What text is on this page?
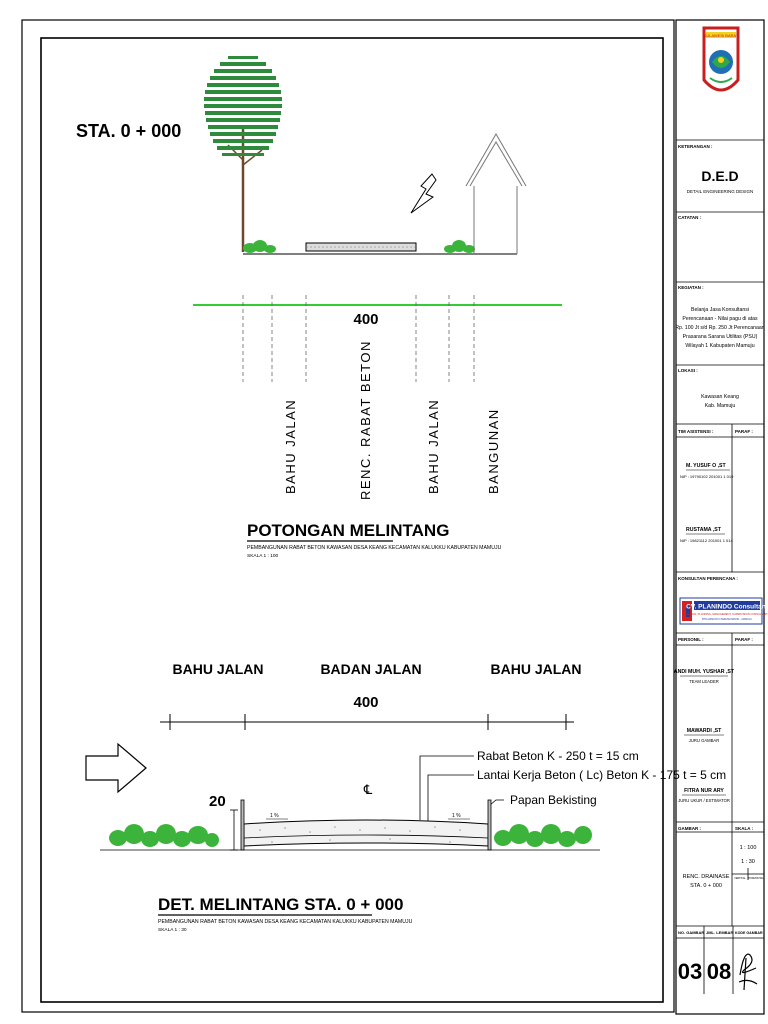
STA. 0 + 000
400
BAHU JALAN	RENC. RABAT BETON	BAHU JALAN	BANGUNAN
POTONGAN MELINTANG
PEMBANGUNAN RABAT BETON KAWASAN DESA KEANG KECAMATAN KALUKKU KABUPATEN MAMUJU
SKALA 1 : 100
BAHU JALAN	BADAN JALAN	BAHU JALAN
400
Rabat Beton K - 250 t = 15 cm
Lantai Kerja Beton ( Lc) Beton K - 175 t = 5 cm
Papan Bekisting
20
℄
1 %	1 %
DET. MELINTANG STA. 0 + 000
PEMBANGUNAN RABAT BETON KAWASAN DESA KEANG KECAMATAN KALUKKU KABUPATEN MAMUJU
SKALA 1 : 30
SULAWESI BARAT
KETERANGAN :
D.E.D
DETAIL ENGINEERING DESIGN
CATATAN :
KEGIATAN :
Belanja Jasa Konsultansi
Perencanaan - Nilai pagu di atas
Rp. 100 Jt s/d Rp. 250 Jt Perencanaan
Prasarana Sarana Utilitas (PSU)
Wilayah 1 Kabupaten Mamuju
LOKASI :
Kawasan Keang
Kab. Mamuju
TIM ASISTENSI :	PARAF :
M. YUSUF O ,ST
NIP : 19790102 201001 1 019
RUSTAMA ,ST
NIP : 19821112 201001 1 014
KONSULTAN PERENCANA :
CV. PLANINDO Consultant
DESIGN, PLANNING, MANAGEMENT, SUPERVISION CONSULTANT
BTN MAMUNYU PERUMAHAN B1 - MAMUJU
PERSONIL :	PARAF :
ANDI MUH. YUSHAR ,ST
TEAM LEADER
MAWARDI ,ST
JURU GAMBAR
FITRA NUR ARY
JURU UKUR / ESTIMATOR
GAMBAR :	SKALA :
1 : 100
1 : 30
VERTIKAL HORIZONTAL
RENC. DRAINASE
STA. 0 + 000
NO. GAMBAR JML. LEMBAR KODE GAMBAR
03 08
